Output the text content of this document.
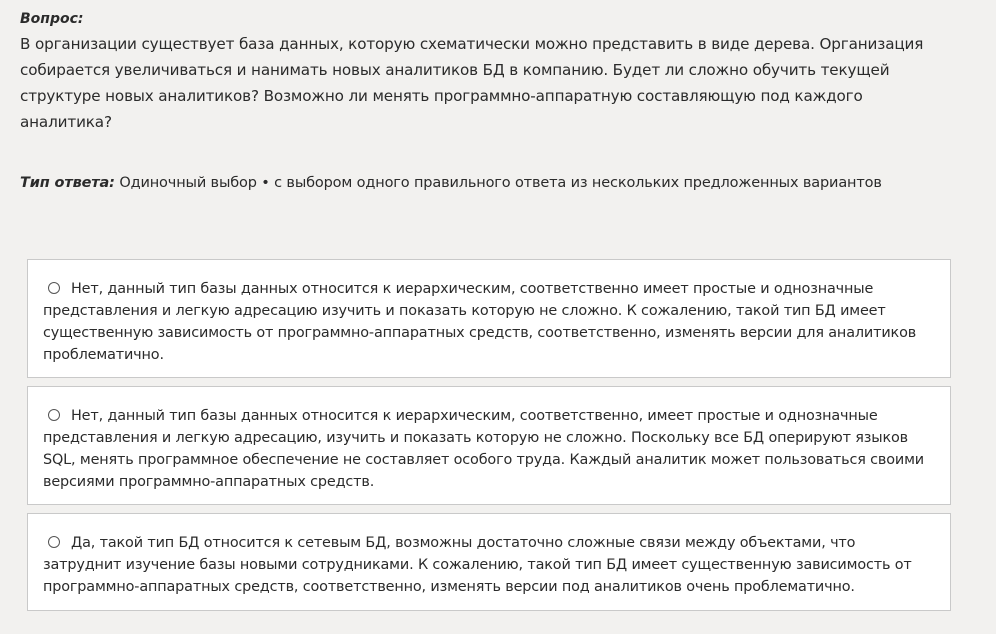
Вопрос:
В организации существует база данных, которую схематически можно представить в виде дерева. Организация собирается увеличиваться и нанимать новых аналитиков БД в компанию. Будет ли сложно обучить текущей структуре новых аналитиков? Возможно ли менять программно-аппаратную составляющую под каждого аналитика?
Тип ответа: Одиночный выбор • с выбором одного правильного ответа из нескольких предложенных вариантов
Нет, данный тип базы данных относится к иерархическим, соответственно имеет простые и однозначные представления и легкую адресацию изучить и показать которую не сложно. К сожалению, такой тип БД имеет существенную зависимость от программно-аппаратных средств, соответственно, изменять версии для аналитиков проблематично.
Нет, данный тип базы данных относится к иерархическим, соответственно, имеет простые и однозначные представления и легкую адресацию, изучить и показать которую не сложно. Поскольку все БД оперируют языков SQL, менять программное обеспечение не составляет особого труда. Каждый аналитик может пользоваться своими версиями программно-аппаратных средств.
Да, такой тип БД относится к сетевым БД, возможны достаточно сложные связи между объектами, что затруднит изучение базы новыми сотрудниками. К сожалению, такой тип БД имеет существенную зависимость от программно-аппаратных средств, соответственно, изменять версии под аналитиков очень проблематично.
